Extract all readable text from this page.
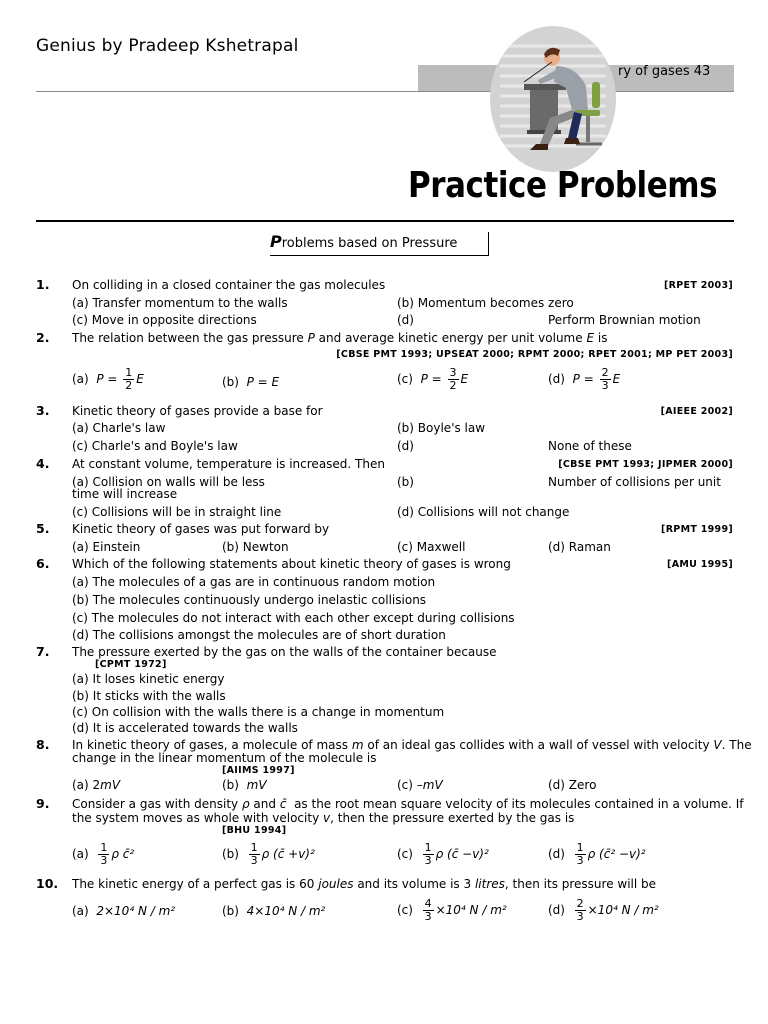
Genius by Pradeep Kshetrapal
ry of gases 43
Practice Problems
Problems based on Pressure
1. On colliding in a closed container the gas molecules	[RPET 2003]
(a) Transfer momentum to the walls	(b) Momentum becomes zero
(c) Move in opposite directions	(d)	Perform Brownian motion
2. The relation between the gas pressure P and average kinetic energy per unit volume E is
[CBSE PMT 1993; UPSEAT 2000; RPMT 2000; RPET 2001; MP PET 2003]
(a) $P = \frac{1}{2}$ E	(b) P = E	(c) $P = \frac{3}{2}$ E	(d) $P = \frac{2}{3}$ E
3. Kinetic theory of gases provide a base for	[AIEEE 2002]
(a) Charle's law	(b) Boyle's law
(c) Charle's and Boyle's law	(d)	None of these
4. At constant volume, temperature is increased. Then	[CBSE PMT 1993; JIPMER 2000]
(a) Collision on walls will be less	(b)	Number of collisions per unit
time will increase
(c) Collisions will be in straight line	(d) Collisions will not change
5. Kinetic theory of gases was put forward by	[RPMT 1999]
(a) Einstein	(b) Newton	(c) Maxwell	(d) Raman
6. Which of the following statements about kinetic theory of gases is wrong	[AMU 1995]
(a) The molecules of a gas are in continuous random motion
(b) The molecules continuously undergo inelastic collisions
(c) The molecules do not interact with each other except during collisions
(d) The collisions amongst the molecules are of short duration
7. The pressure exerted by the gas on the walls of the container because
[CPMT 1972]
(a) It loses kinetic energy
(b) It sticks with the walls
(c) On collision with the walls there is a change in momentum
(d) It is accelerated towards the walls
8. In kinetic theory of gases, a molecule of mass m of an ideal gas collides with a wall of vessel with velocity V. The
change in the linear momentum of the molecule is
[AIIMS 1997]
(a) 2mV	(b) mV	(c) –mV	(d) Zero
9. Consider a gas with density ρ and c̄ as the root mean square velocity of its molecules contained in a volume. If
the system moves as whole with velocity v, then the pressure exerted by the gas is
[BHU 1994]
$(a) \frac{1}{3}$ ρ c̄²	$(b) \frac{1}{3}$ ρ (c̄ +v)²	$(c) \frac{1}{3}$ ρ (c̄ −v)²	$(d) \frac{1}{3}$ ρ (c̄² −v)²
10. The kinetic energy of a perfect gas is 60 joules and its volume is 3 litres, then its pressure will be
(a) 2×10⁴ N / m²	(b) 4×10⁴ N / m²	$(c) \frac{4}{3} \times 10^4$ N / m²	$(d) \frac{2}{3} \times 10^4$ N / m²
